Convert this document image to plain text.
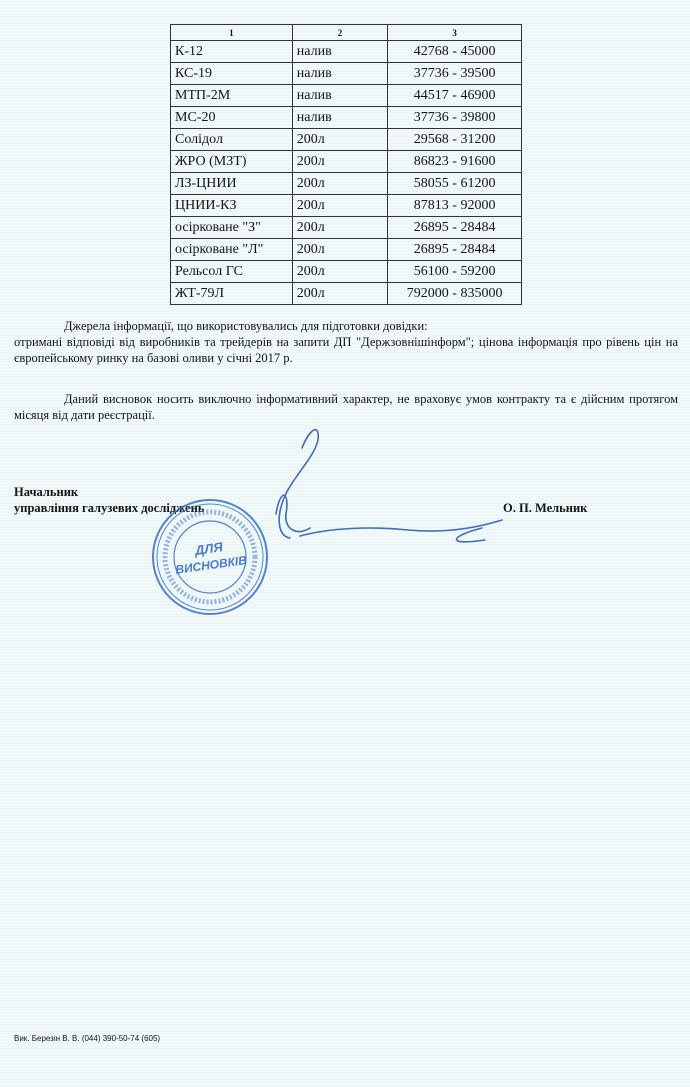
1	2	3
К-12	налив	42768 - 45000
КС-19	налив	37736 - 39500
МТП-2М	налив	44517 - 46900
МС-20	налив	37736 - 39800
Солідол	200л	29568 - 31200
ЖРО (МЗТ)	200л	86823 - 91600
ЛЗ-ЦНИИ	200л	58055 - 61200
ЦНИИ-КЗ	200л	87813 - 92000
осірковане "З"	200л	26895 - 28484
осірковане "Л"	200л	26895 - 28484
Рельсол ГС	200л	56100 - 59200
ЖТ-79Л	200л	792000 - 835000

Джерела інформації, що використовувались для підготовки довідки:
отримані відповіді від виробників та трейдерів на запити ДП "Держзовнішінформ"; цінова інформація про рівень цін на європейському ринку на базові оливи у січні 2017 р.

Даний висновок носить виключно інформативний характер, не враховує умов контракту та є дійсним протягом місяця від дати реєстрації.

Начальник
управління галузевих досліджень	О. П. Мельник
ДЛЯ
ВИСНОВКІВ
Вик. Березін В. В. (044) 390-50-74 (605)
